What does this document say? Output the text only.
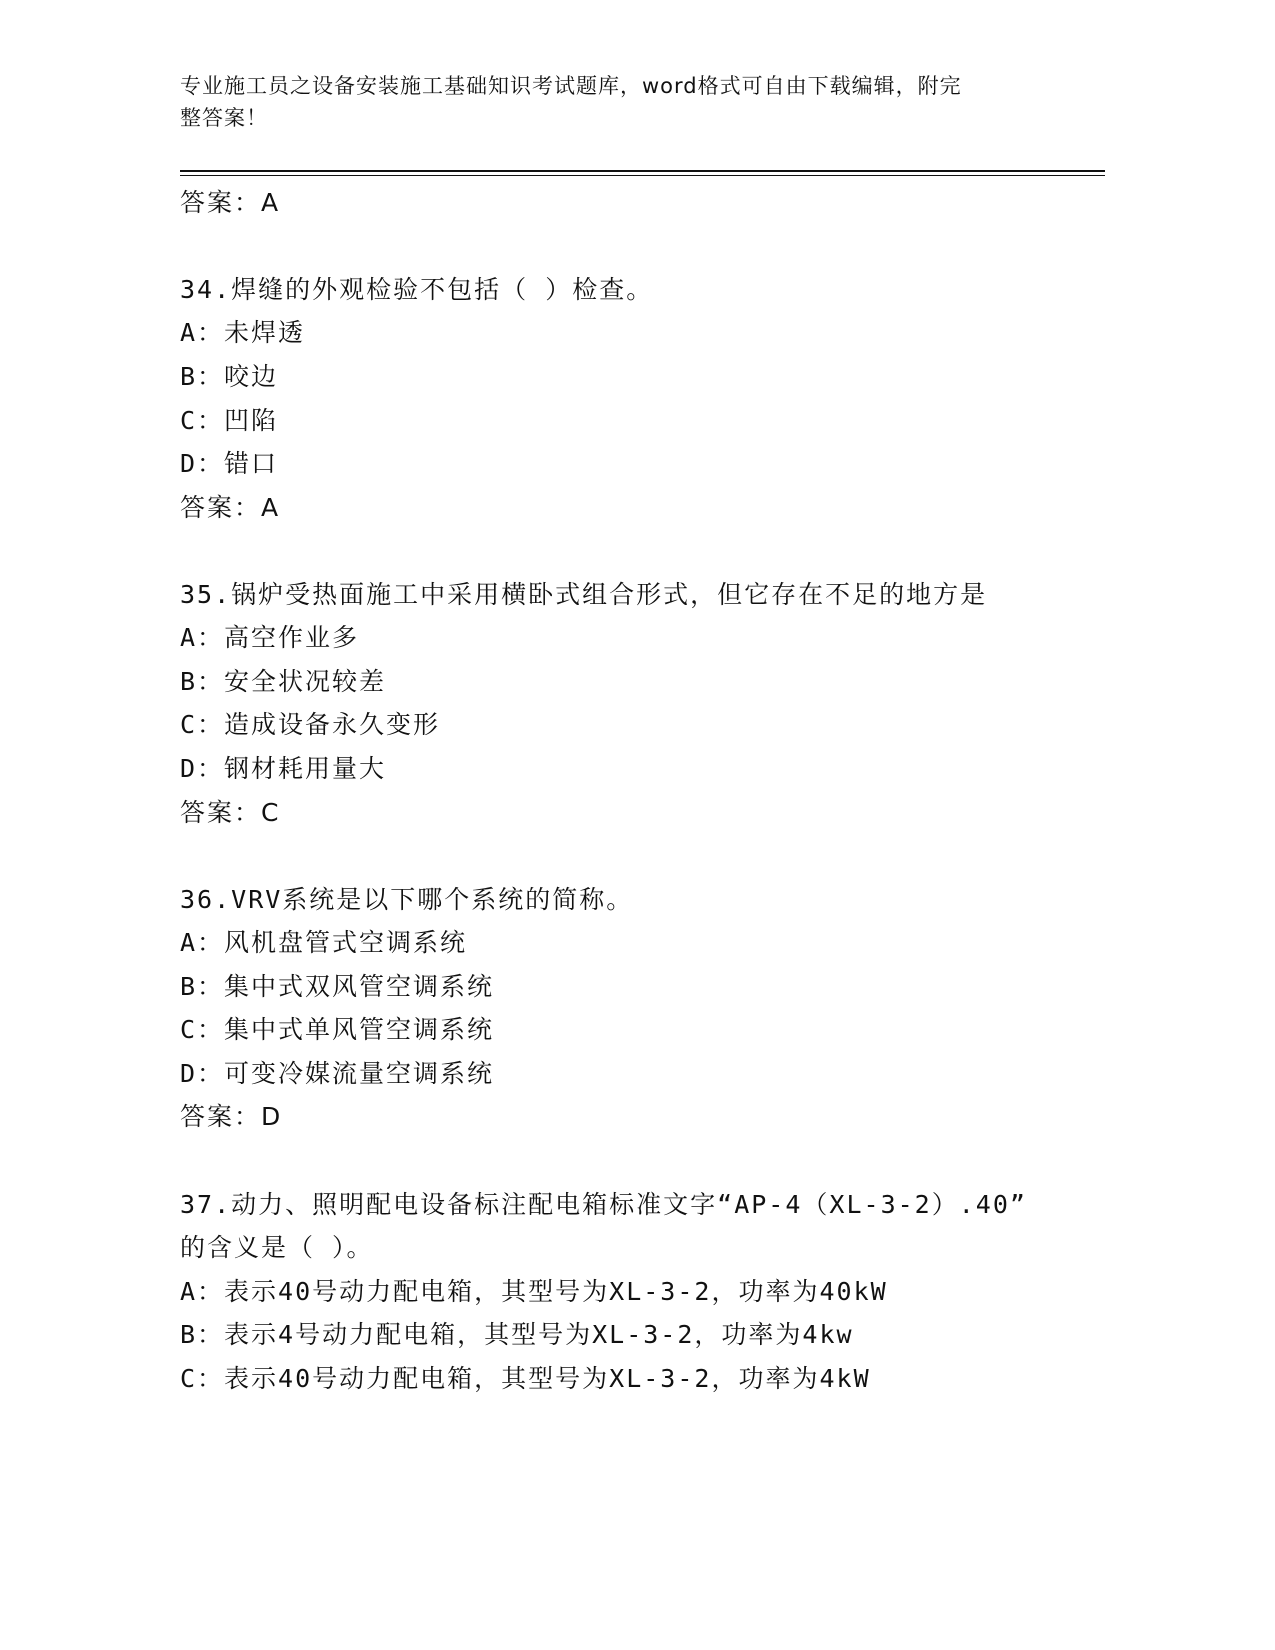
专业施工员之设备安装施工基础知识考试题库，word格式可自由下载编辑，附完
整答案！
答案：A
34.焊缝的外观检验不包括（ ）检查。
A：未焊透
B：咬边
C：凹陷
D：错口
答案：A
35.锅炉受热面施工中采用横卧式组合形式，但它存在不足的地方是
A：高空作业多
B：安全状况较差
C：造成设备永久变形
D：钢材耗用量大
答案：C
36.VRV系统是以下哪个系统的简称。
A：风机盘管式空调系统
B：集中式双风管空调系统
C：集中式单风管空调系统
D：可变冷媒流量空调系统
答案：D
37.动力、照明配电设备标注配电箱标准文字“AP-4（XL-3-2）.40”
的含义是（ ）。
A：表示40号动力配电箱，其型号为XL-3-2，功率为40kW
B：表示4号动力配电箱，其型号为XL-3-2，功率为4kw
C：表示40号动力配电箱，其型号为XL-3-2，功率为4kW
